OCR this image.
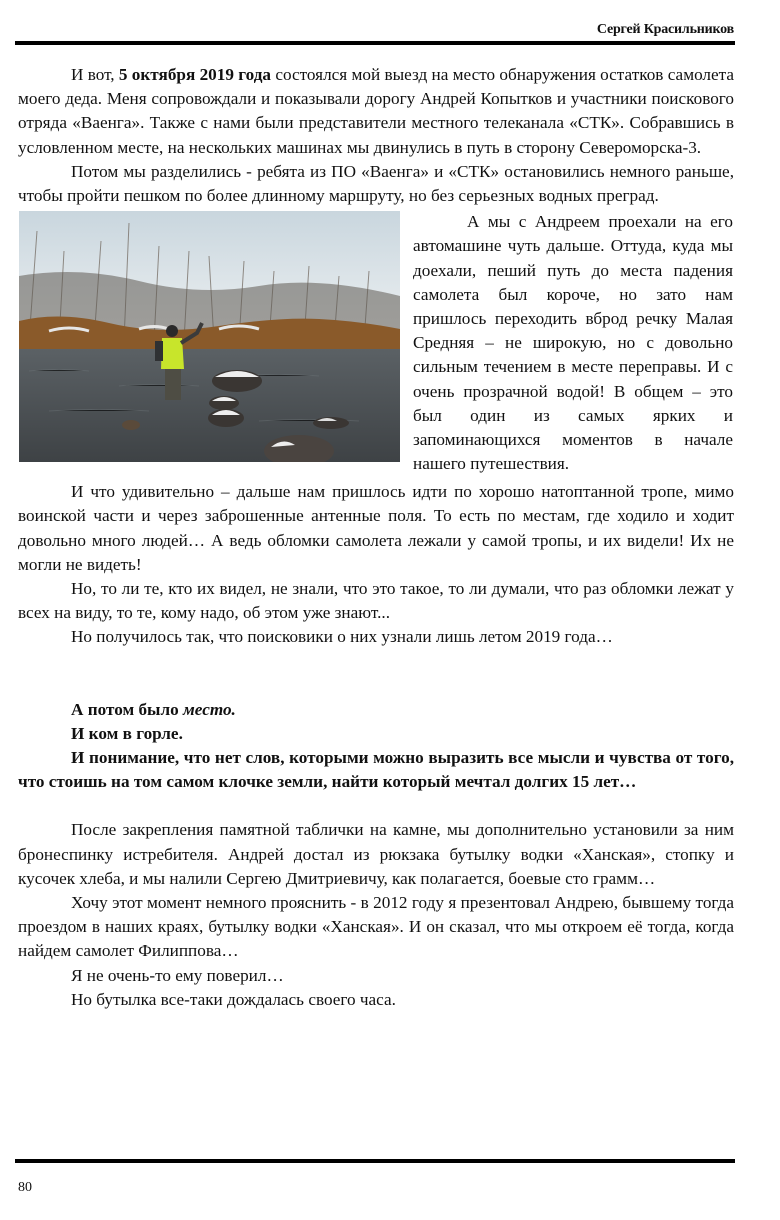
Сергей Красильников

И вот, 5 октября 2019 года состоялся мой выезд на место обнаружения остатков самолета моего деда. Меня сопровождали и показывали дорогу Андрей Копытков и участники поискового отряда «Ваенга». Также с нами были представители местного телеканала «СТК». Собравшись в условленном месте, на нескольких машинах мы двинулись в путь в сторону Североморска-3.

Потом мы разделились - ребята из ПО «Ваенга» и «СТК» остановились немного раньше, чтобы пройти пешком по более длинному маршруту, но без серьезных водных преград.

А мы с Андреем проехали на его автомашине чуть дальше. Оттуда, куда мы доехали, пеший путь до места падения самолета был короче, но зато нам пришлось переходить вброд речку Малая Средняя – не широкую, но с довольно сильным течением в месте переправы. И с очень прозрачной водой! В общем – это был один из самых ярких и запоминающихся моментов в начале нашего путешествия.

И что удивительно – дальше нам пришлось идти по хорошо натоптанной тропе, мимо воинской части и через заброшенные антенные поля. То есть по местам, где ходило и ходит довольно много людей… А ведь обломки самолета лежали у самой тропы, и их видели! Их не могли не видеть!

Но, то ли те, кто их видел, не знали, что это такое, то ли думали, что раз обломки лежат у всех на виду, то те, кому надо, об этом уже знают...

Но получилось так, что поисковики о них узнали лишь летом 2019 года…

А потом было место.

И ком в горле.

И понимание, что нет слов, которыми можно выразить все мысли и чувства от того, что стоишь на том самом клочке земли, найти который мечтал долгих 15 лет…

После закрепления памятной таблички на камне, мы дополнительно установили за ним бронеспинку истребителя. Андрей достал из рюкзака бутылку водки «Ханская», стопку и кусочек хлеба, и мы налили Сергею Дмитриевичу, как полагается, боевые сто грамм…

Хочу этот момент немного прояснить - в 2012 году я презентовал Андрею, бывшему тогда проездом в наших краях, бутылку водки «Ханская». И он сказал, что мы откроем её тогда, когда найдем самолет Филиппова…

Я не очень-то ему поверил…

Но бутылка все-таки дождалась своего часа.

80
